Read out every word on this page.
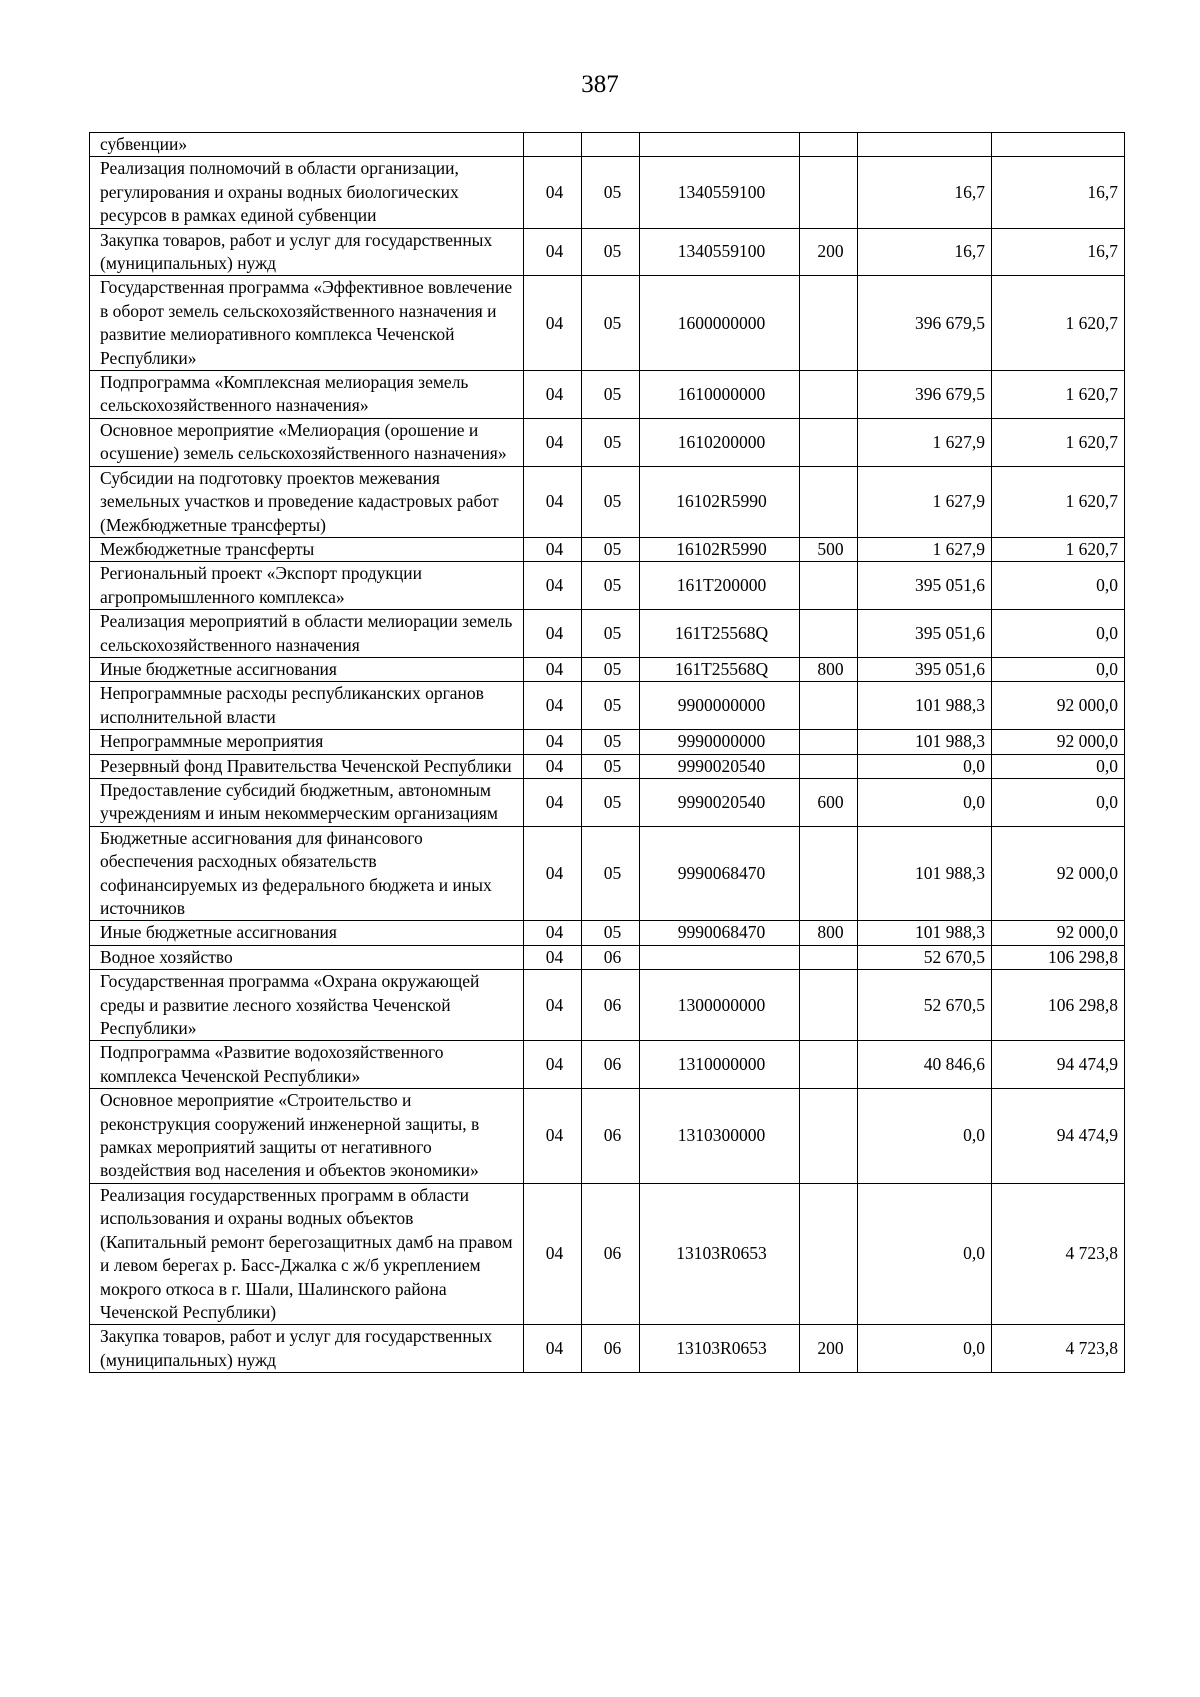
387
субвенции»						
Реализация полномочий в области организации, регулирования и охраны водных биологических ресурсов в рамках единой субвенции	04	05	1340559100		16,7	16,7
Закупка товаров, работ и услуг для государственных (муниципальных) нужд	04	05	1340559100	200	16,7	16,7
Государственная программа «Эффективное вовлечение в оборот земель сельскохозяйственного назначения и развитие мелиоративного комплекса Чеченской Республики»	04	05	1600000000		396 679,5	1 620,7
Подпрограмма «Комплексная мелиорация земель сельскохозяйственного назначения»	04	05	1610000000		396 679,5	1 620,7
Основное мероприятие «Мелиорация (орошение и осушение) земель сельскохозяйственного назначения»	04	05	1610200000		1 627,9	1 620,7
Субсидии на подготовку проектов межевания земельных участков и проведение кадастровых работ (Межбюджетные трансферты)	04	05	16102R5990		1 627,9	1 620,7
Межбюджетные трансферты	04	05	16102R5990	500	1 627,9	1 620,7
Региональный проект «Экспорт продукции агропромышленного комплекса»	04	05	161T200000		395 051,6	0,0
Реализация мероприятий в области мелиорации земель сельскохозяйственного назначения	04	05	161T25568Q		395 051,6	0,0
Иные бюджетные ассигнования	04	05	161T25568Q	800	395 051,6	0,0
Непрограммные расходы республиканских органов исполнительной власти	04	05	9900000000		101 988,3	92 000,0
Непрограммные мероприятия	04	05	9990000000		101 988,3	92 000,0
Резервный фонд Правительства Чеченской Республики	04	05	9990020540		0,0	0,0
Предоставление субсидий бюджетным, автономным учреждениям и иным некоммерческим организациям	04	05	9990020540	600	0,0	0,0
Бюджетные ассигнования для финансового обеспечения расходных обязательств софинансируемых из федерального бюджета и иных источников	04	05	9990068470		101 988,3	92 000,0
Иные бюджетные ассигнования	04	05	9990068470	800	101 988,3	92 000,0
Водное хозяйство	04	06			52 670,5	106 298,8
Государственная программа «Охрана окружающей среды и развитие лесного хозяйства Чеченской Республики»	04	06	1300000000		52 670,5	106 298,8
Подпрограмма «Развитие водохозяйственного комплекса Чеченской Республики»	04	06	1310000000		40 846,6	94 474,9
Основное мероприятие «Строительство и реконструкция сооружений инженерной защиты, в рамках мероприятий защиты от негативного воздействия вод населения и объектов экономики»	04	06	1310300000		0,0	94 474,9
Реализация государственных программ в области использования и охраны водных объектов (Капитальный ремонт берегозащитных дамб на правом и левом берегах р. Басс-Джалка с ж/б укреплением мокрого откоса в г. Шали, Шалинского района Чеченской Республики)	04	06	13103R0653		0,0	4 723,8
Закупка товаров, работ и услуг для государственных (муниципальных) нужд	04	06	13103R0653	200	0,0	4 723,8
